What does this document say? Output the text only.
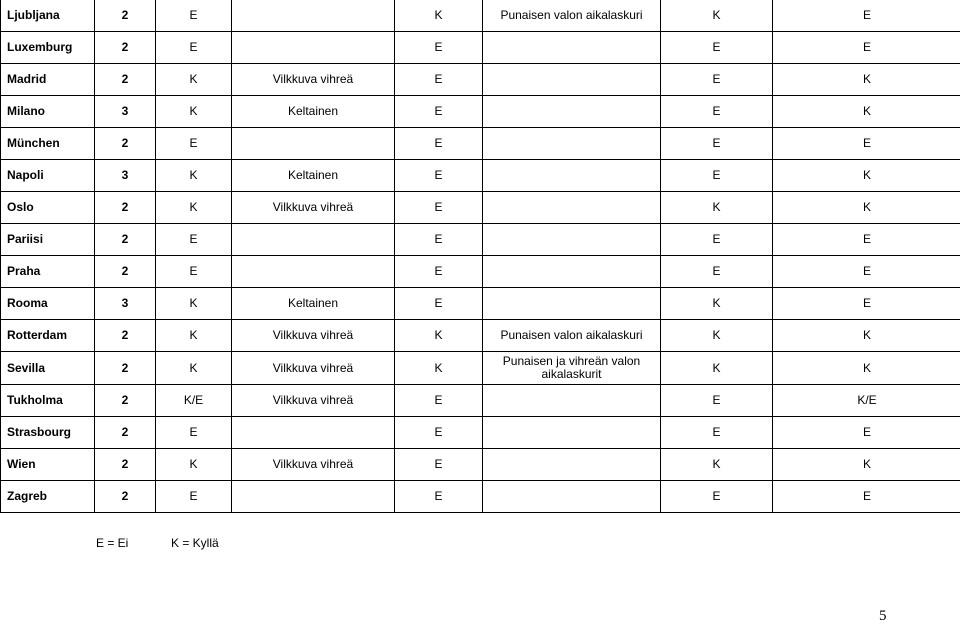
Ljubljana	2	E		K	Punaisen valon aikalaskuri	K	E
Luxemburg	2	E		E		E	E
Madrid	2	K	Vilkkuva vihreä	E		E	K
Milano	3	K	Keltainen	E		E	K
München	2	E		E		E	E
Napoli	3	K	Keltainen	E		E	K
Oslo	2	K	Vilkkuva vihreä	E		K	K
Pariisi	2	E		E		E	E
Praha	2	E		E		E	E
Rooma	3	K	Keltainen	E		K	E
Rotterdam	2	K	Vilkkuva vihreä	K	Punaisen valon aikalaskuri	K	K
Sevilla	2	K	Vilkkuva vihreä	K	Punaisen ja vihreän valon aikalaskurit	K	K
Tukholma	2	K/E	Vilkkuva vihreä	E		E	K/E
Strasbourg	2	E		E		E	E
Wien	2	K	Vilkkuva vihreä	E		K	K
Zagreb	2	E		E		E	E
E = Ei	K = Kyllä
5
